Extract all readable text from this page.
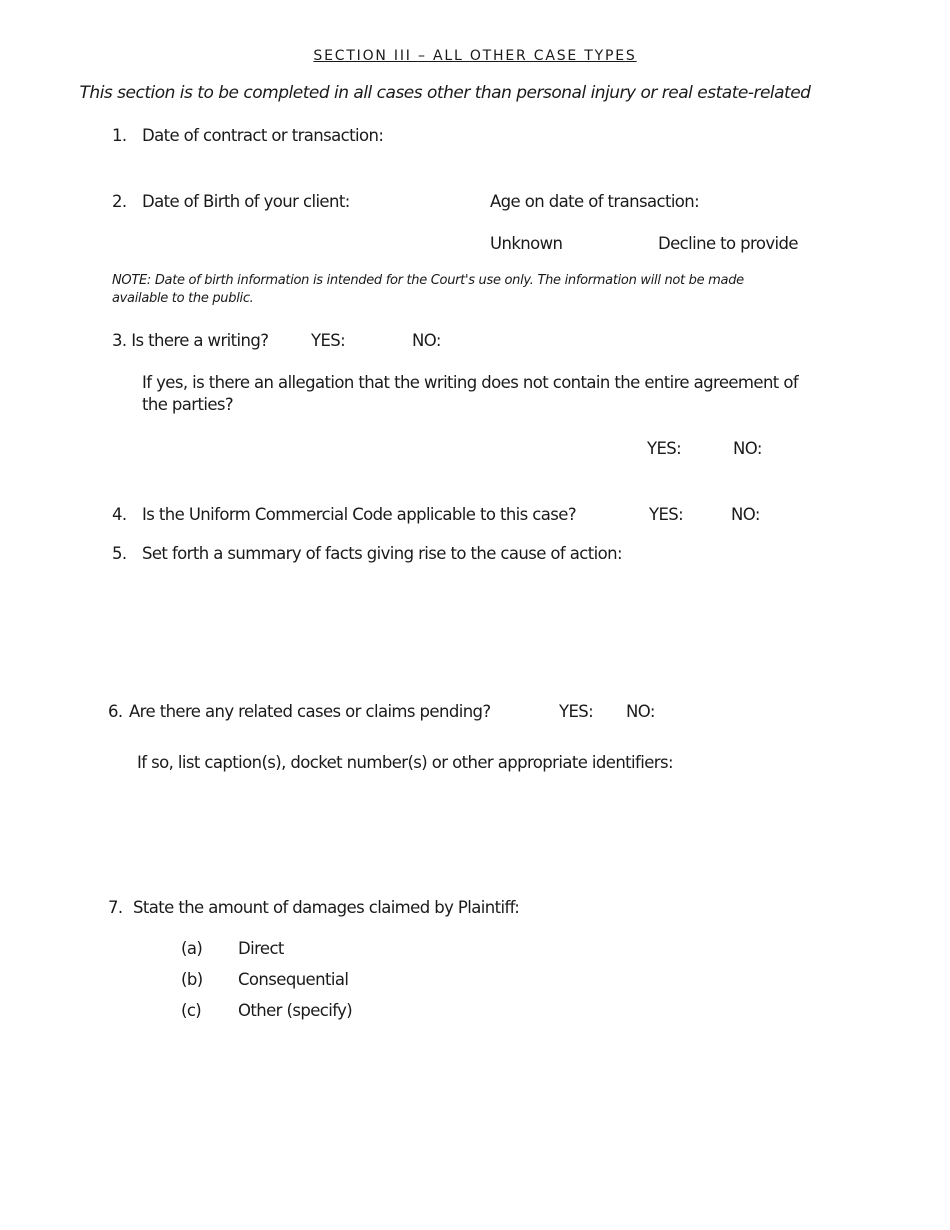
SECTION III – ALL OTHER CASE TYPES
This section is to be completed in all cases other than personal injury or real estate-related
1. Date of contract or transaction:
2. Date of Birth of your client:	Age on date of transaction:
Unknown	Decline to provide
NOTE: Date of birth information is intended for the Court's use only. The information will not be made available to the public.
3. Is there a writing?	YES:	NO:
If yes, is there an allegation that the writing does not contain the entire agreement of the parties?
YES:	NO:
4. Is the Uniform Commercial Code applicable to this case?	YES:	NO:
5. Set forth a summary of facts giving rise to the cause of action:
6. Are there any related cases or claims pending?	YES: NO:
If so, list caption(s), docket number(s) or other appropriate identifiers:
7. State the amount of damages claimed by Plaintiff:
(a) Direct
(b) Consequential
(c) Other (specify)
